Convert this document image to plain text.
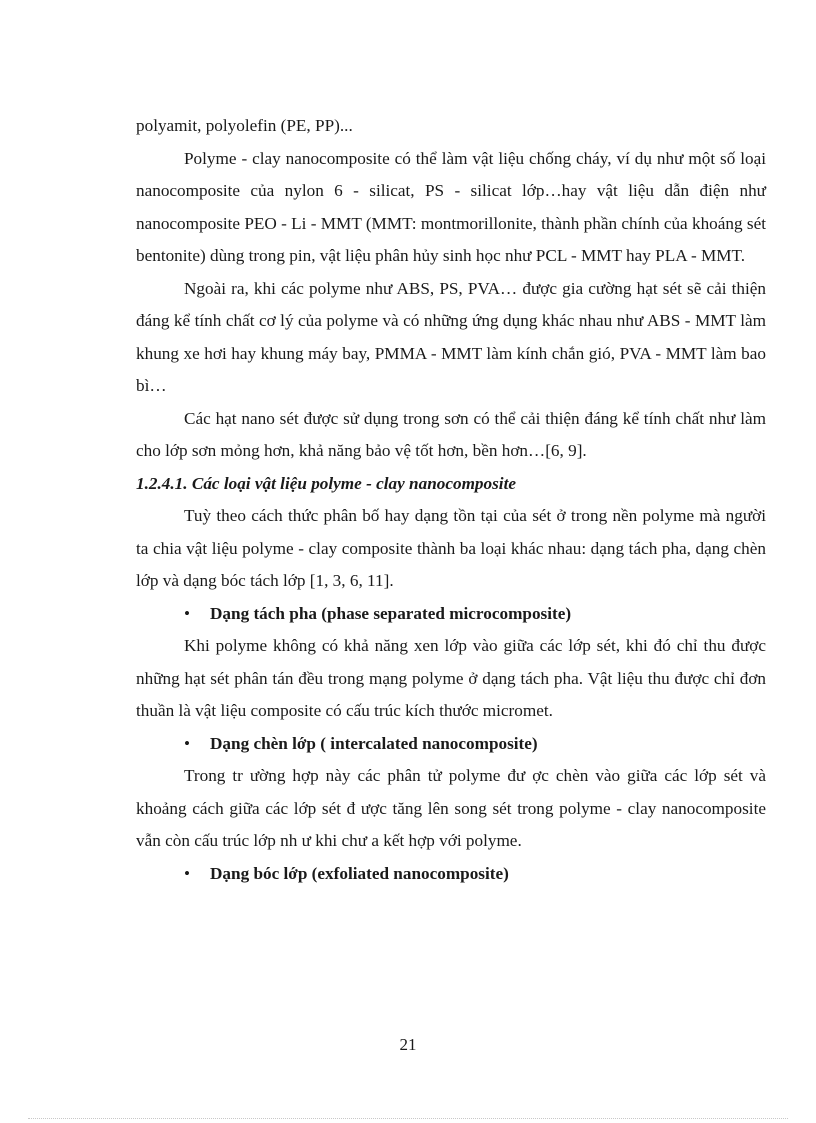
polyamit, polyolefin (PE, PP)...

Polyme - clay nanocomposite có thể làm vật liệu chống cháy, ví dụ như một số loại nanocomposite của nylon 6 - silicat, PS - silicat lớp…hay vật liệu dẫn điện như nanocomposite PEO - Li - MMT (MMT: montmorillonite, thành phần chính của khoáng sét bentonite) dùng trong pin, vật liệu phân hủy sinh học như PCL - MMT hay PLA - MMT.

Ngoài ra, khi các polyme như ABS, PS, PVA… được gia cường hạt sét sẽ cải thiện đáng kể tính chất cơ lý của polyme và có những ứng dụng khác nhau như ABS - MMT làm khung xe hơi hay khung máy bay, PMMA - MMT làm kính chắn gió, PVA - MMT làm bao bì…

Các hạt nano sét được sử dụng trong sơn có thể cải thiện đáng kể tính chất như làm cho lớp sơn mỏng hơn, khả năng bảo vệ tốt hơn, bền hơn…[6, 9].

1.2.4.1. Các loại vật liệu polyme - clay nanocomposite

Tuỳ theo cách thức phân bố hay dạng tồn tại của sét ở trong nền polyme mà người ta chia vật liệu polyme - clay composite thành ba loại khác nhau: dạng tách pha, dạng chèn lớp và dạng bóc tách lớp [1, 3, 6, 11].

•	Dạng tách pha (phase separated microcomposite)

Khi polyme không có khả năng xen lớp vào giữa các lớp sét, khi đó chỉ thu được những hạt sét phân tán đều trong mạng polyme ở dạng tách pha. Vật liệu thu được chỉ đơn thuần là vật liệu composite có cấu trúc kích thước micromet.

•	Dạng chèn lớp ( intercalated nanocomposite)

Trong tr ường hợp này các phân tử polyme đư ợc chèn vào giữa các lớp sét và khoảng cách giữa các lớp sét đ ược tăng lên song sét trong polyme - clay nanocomposite vẫn còn cấu trúc lớp nh ư khi chư a kết hợp với polyme.

•	Dạng bóc lớp (exfoliated nanocomposite)
21
